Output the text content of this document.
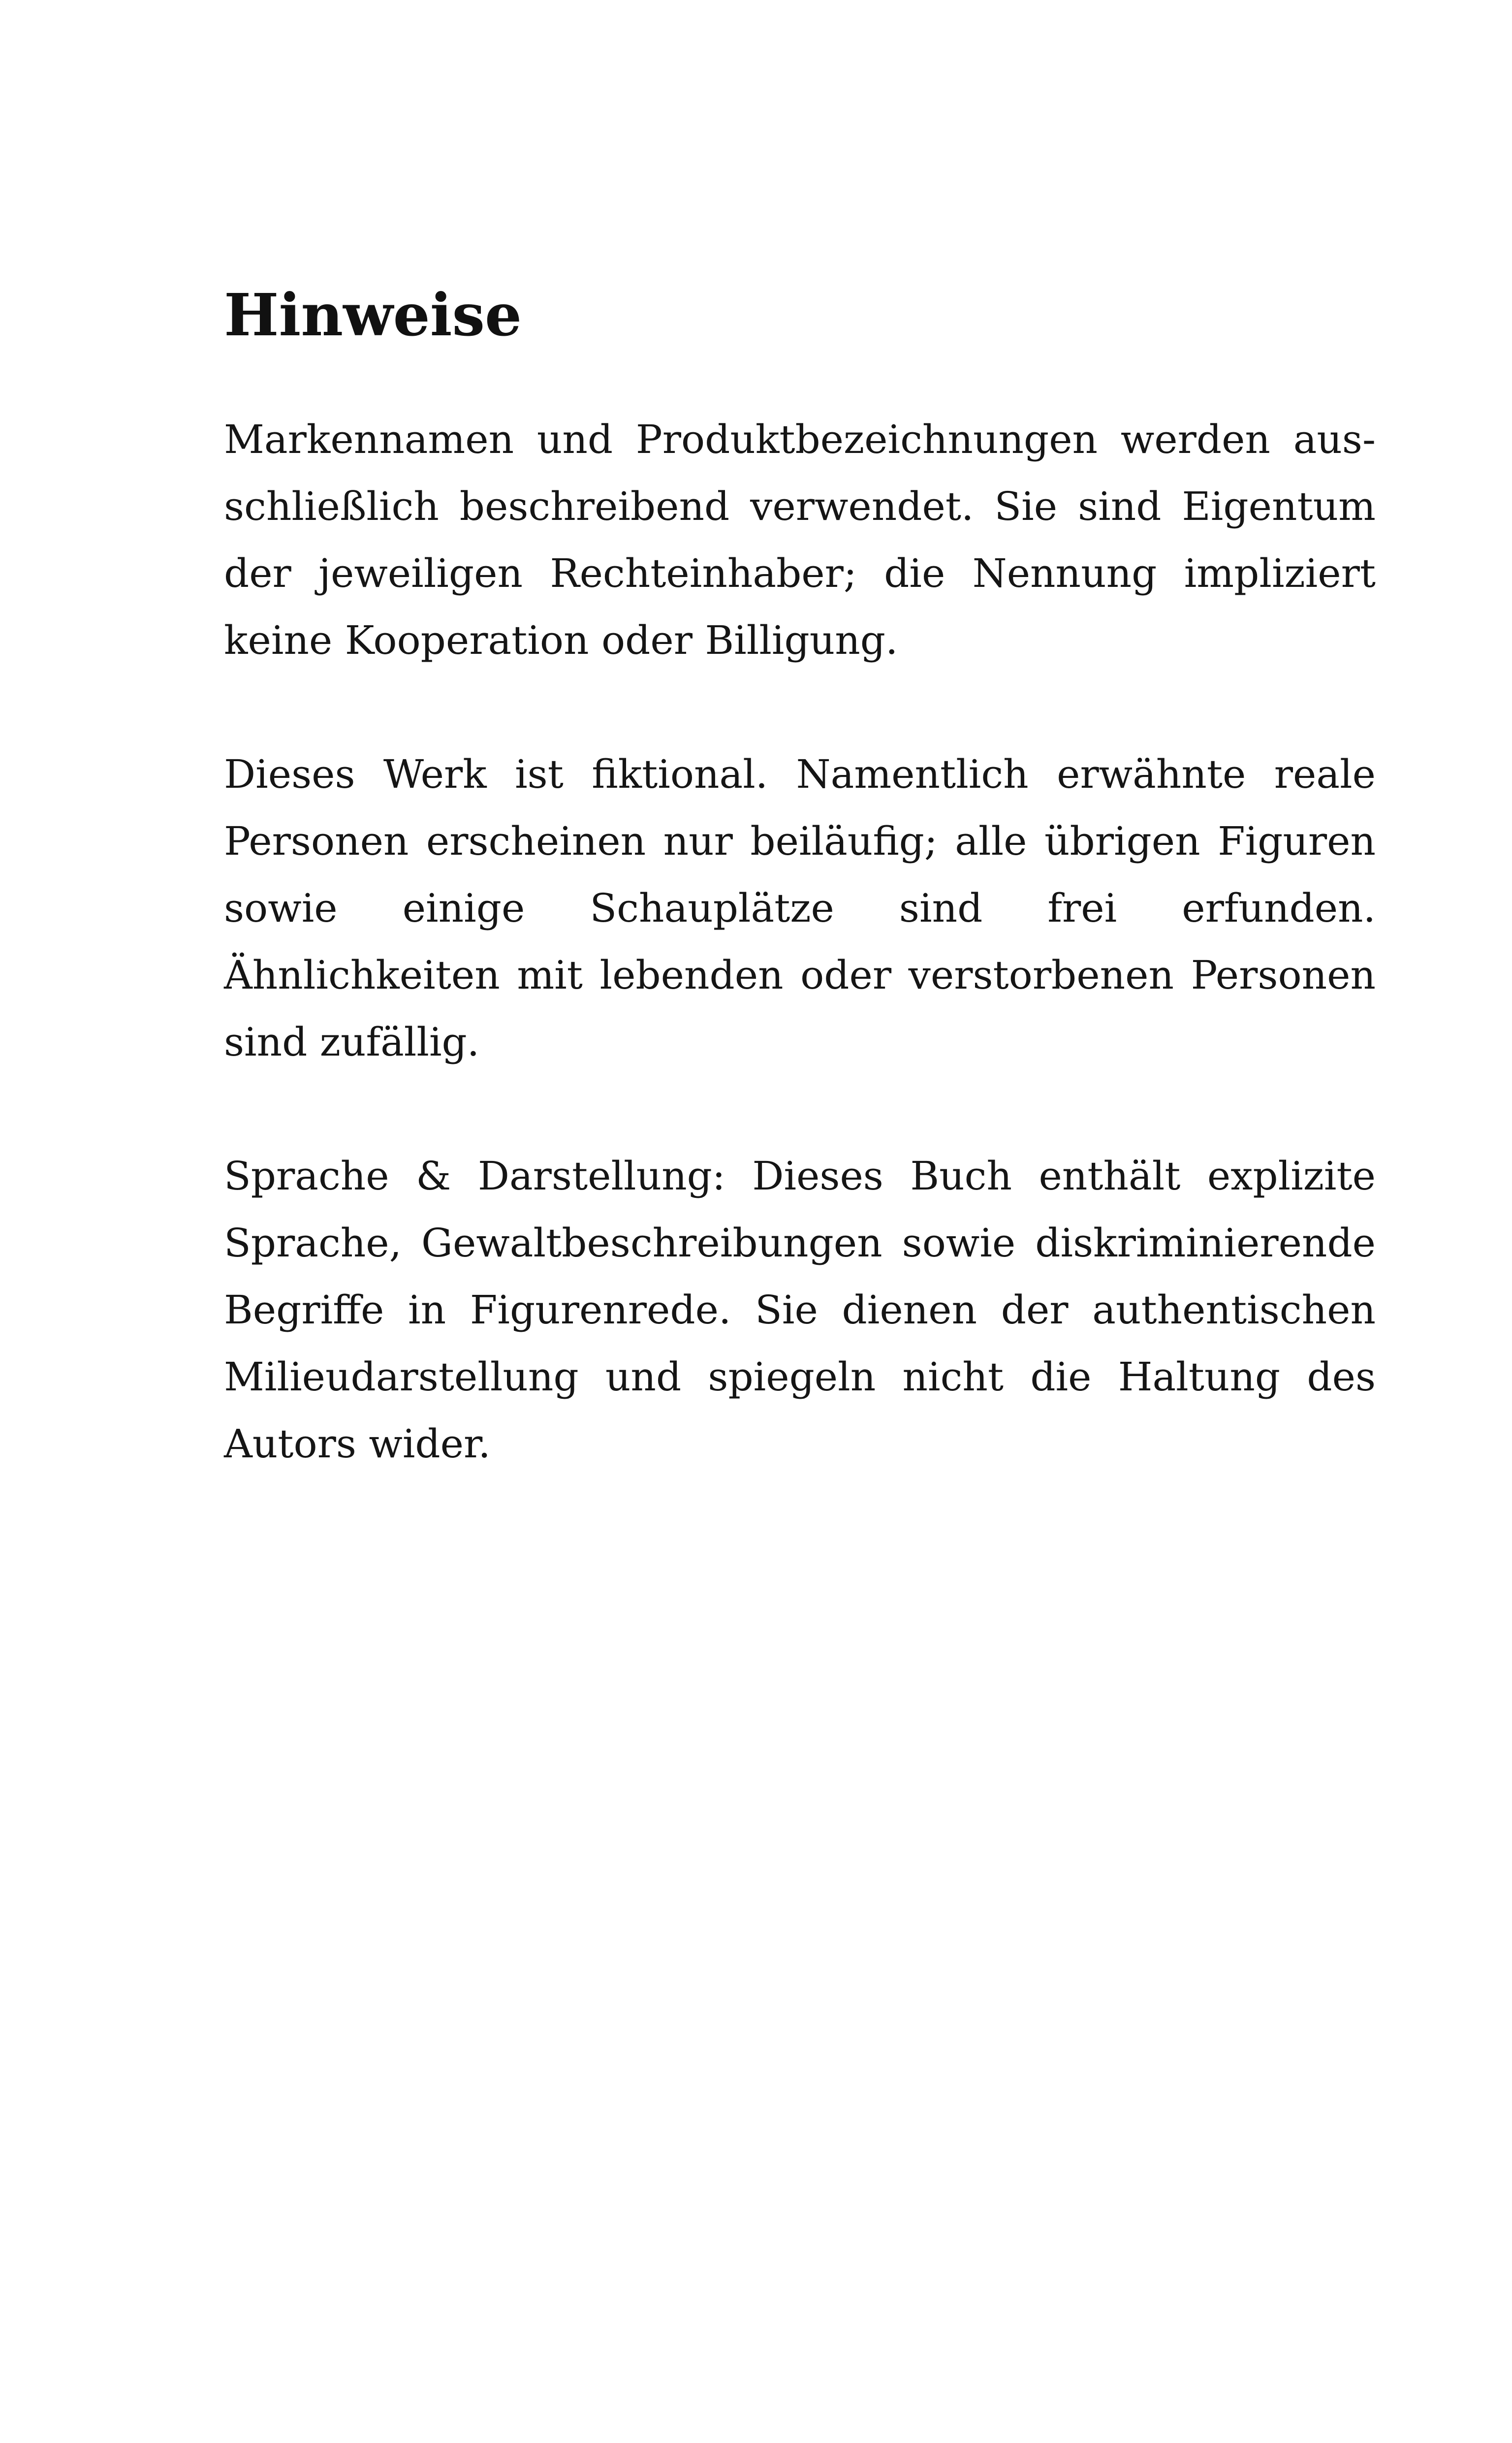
Hinweise

Markennamen und Produktbezeichnungen werden ausschließlich beschreibend verwendet. Sie sind Eigentum der jeweiligen Rechteinhaber; die Nennung impliziert keine Kooperation oder Billigung.

Dieses Werk ist fiktional. Namentlich erwähnte reale Personen erscheinen nur beiläufig; alle übrigen Figuren sowie einige Schauplätze sind frei erfunden. Ähnlichkeiten mit lebenden oder verstorbenen Personen sind zufällig.

Sprache & Darstellung: Dieses Buch enthält explizite Sprache, Gewaltbeschreibungen sowie diskriminierende Begriffe in Figurenrede. Sie dienen der authentischen Milieudarstellung und spiegeln nicht die Haltung des Autors wider.
